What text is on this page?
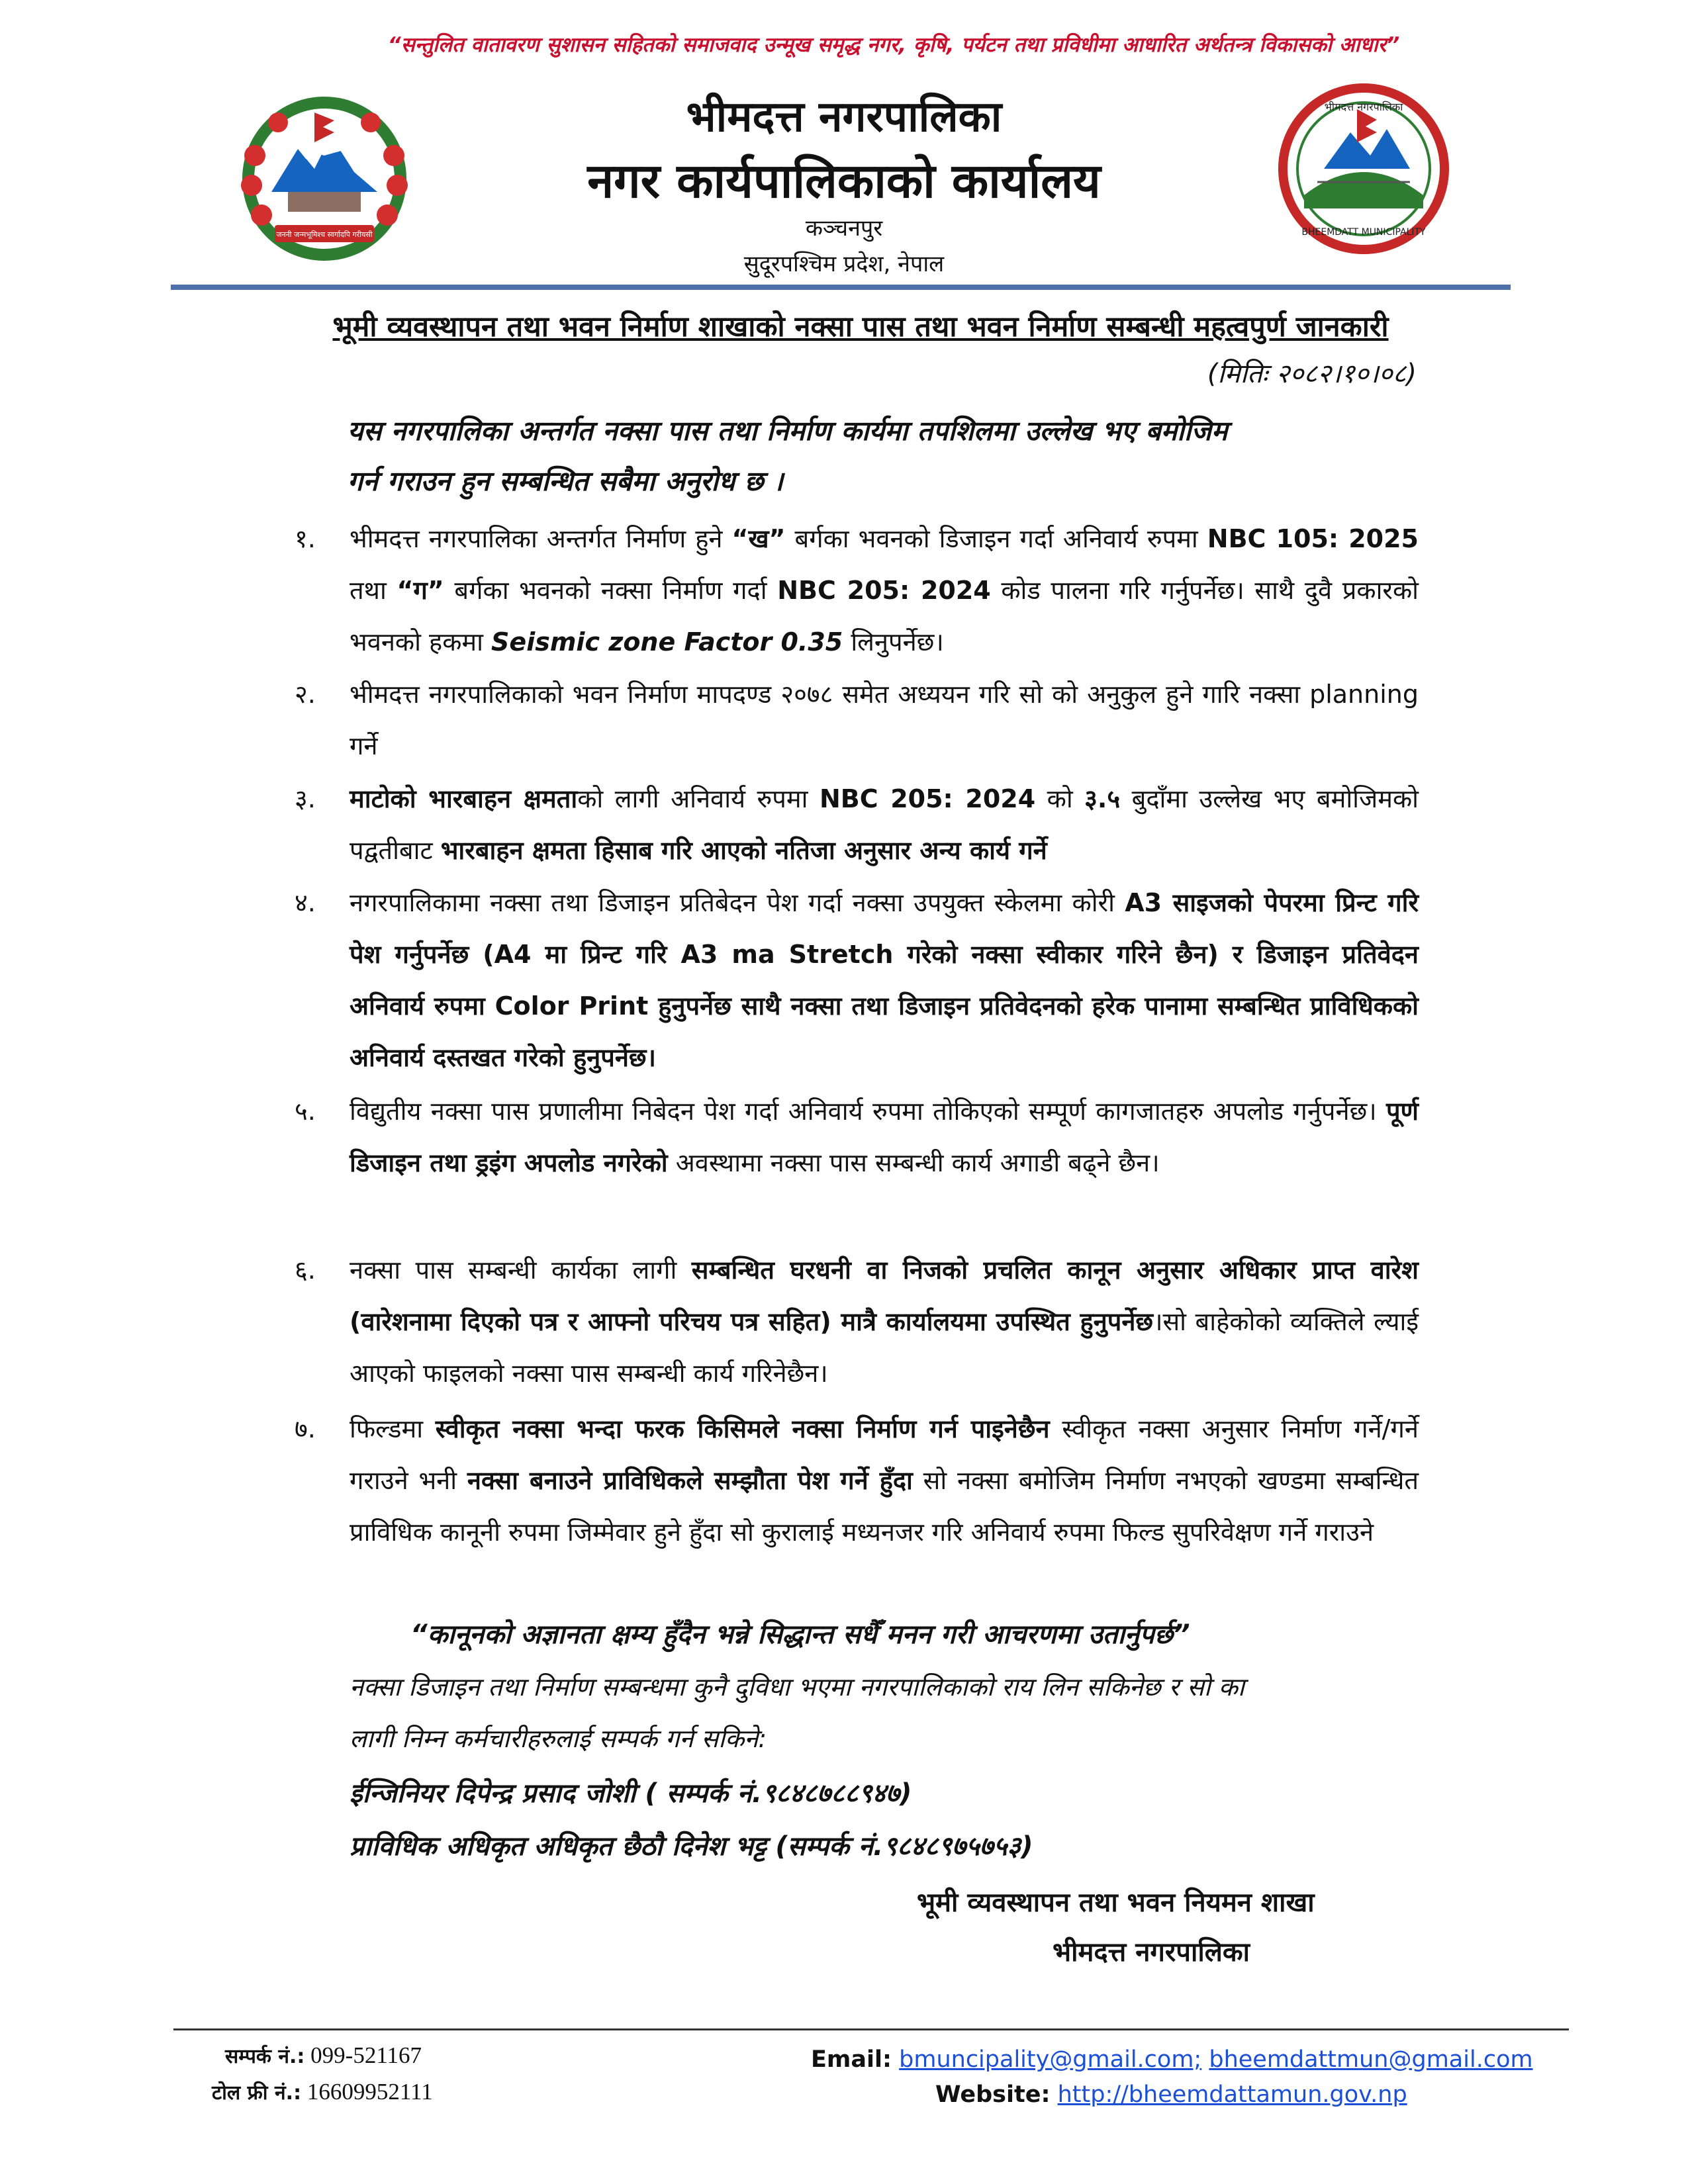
“सन्तुलित वातावरण सुशासन सहितको समाजवाद उन्मूख समृद्ध नगर, कृषि, पर्यटन तथा प्रविधीमा आधारित अर्थतन्त्र विकासको आधार”
जननी जन्मभूमिश्च स्वर्गादपि गरीयसी
भीमदत्त नगरपालिका
नगर कार्यपालिकाको कार्यालय
कञ्चनपुर
सुदूरपश्चिम प्रदेश, नेपाल
भीमदत्त नगरपालिका
BHEEMDATT MUNICIPALITY
भूमी व्यवस्थापन तथा भवन निर्माण शाखाको नक्सा पास तथा भवन निर्माण सम्बन्धी महत्वपुर्ण जानकारी
(मितिः २०८२।१०।०८)
यस नगरपालिका अन्तर्गत नक्सा पास तथा निर्माण कार्यमा तपशिलमा उल्लेख भए बमोजिम
गर्न गराउन हुन सम्बन्धित सबैमा अनुरोध छ ।
१.	भीमदत्त नगरपालिका अन्तर्गत निर्माण हुने “ख” बर्गका भवनको डिजाइन गर्दा अनिवार्य रुपमा NBC 105: 2025 तथा “ग” बर्गका भवनको नक्सा निर्माण गर्दा NBC 205: 2024 कोड पालना गरि गर्नुपर्नेछ। साथै दुवै प्रकारको भवनको हकमा Seismic zone Factor 0.35 लिनुपर्नेछ।
२.	भीमदत्त नगरपालिकाको भवन निर्माण मापदण्ड २०७८ समेत अध्ययन गरि सो को अनुकुल हुने गारि नक्सा planning गर्ने
३.	माटोको भारबाहन क्षमताको लागी अनिवार्य रुपमा NBC 205: 2024 को ३.५ बुदाँमा उल्लेख भए बमोजिमको पद्वतीबाट भारबाहन क्षमता हिसाब गरि आएको नतिजा अनुसार अन्य कार्य गर्ने
४.	नगरपालिकामा नक्सा तथा डिजाइन प्रतिबेदन पेश गर्दा नक्सा उपयुक्त स्केलमा कोरी A3 साइजको पेपरमा प्रिन्ट गरि पेश गर्नुपर्नेछ (A4 मा प्रिन्ट गरि A3 ma Stretch गरेको नक्सा स्वीकार गरिने छैन) र डिजाइन प्रतिवेदन अनिवार्य रुपमा Color Print हुनुपर्नेछ साथै नक्सा तथा डिजाइन प्रतिवेदनको हरेक पानामा सम्बन्धित प्राविधिकको अनिवार्य दस्तखत गरेको हुनुपर्नेछ।
५.	विद्युतीय नक्सा पास प्रणालीमा निबेदन पेश गर्दा अनिवार्य रुपमा तोकिएको सम्पूर्ण कागजातहरु अपलोड गर्नुपर्नेछ। पूर्ण डिजाइन तथा ड्रइंग अपलोड नगरेको अवस्थामा नक्सा पास सम्बन्धी कार्य अगाडी बढ्ने छैन।
६.	नक्सा पास सम्बन्धी कार्यका लागी सम्बन्धित घरधनी वा निजको प्रचलित कानून अनुसार अधिकार प्राप्त वारेश (वारेशनामा दिएको पत्र र आफ्नो परिचय पत्र सहित) मात्रै कार्यालयमा उपस्थित हुनुपर्नेछ।सो बाहेकोको व्यक्तिले ल्याई आएको फाइलको नक्सा पास सम्बन्धी कार्य गरिनेछैन।
७.	फिल्डमा स्वीकृत नक्सा भन्दा फरक किसिमले नक्सा निर्माण गर्न पाइनेछैन स्वीकृत नक्सा अनुसार निर्माण गर्ने/गर्ने गराउने भनी नक्सा बनाउने प्राविधिकले सम्झौता पेश गर्ने हुँदा सो नक्सा बमोजिम निर्माण नभएको खण्डमा सम्बन्धित प्राविधिक कानूनी रुपमा जिम्मेवार हुने हुँदा सो कुरालाई मध्यनजर गरि अनिवार्य रुपमा फिल्ड सुपरिवेक्षण गर्ने गराउने
“कानूनको अज्ञानता क्षम्य हुँदैन भन्ने सिद्धान्त सधैँ मनन गरी आचरणमा उतार्नुपर्छ”
नक्सा डिजाइन तथा निर्माण सम्बन्धमा कुनै दुविधा भएमा नगरपालिकाको राय लिन सकिनेछ र सो का
लागी निम्न कर्मचारीहरुलाई सम्पर्क गर्न सकिने:
ईन्जिनियर दिपेन्द्र प्रसाद जोशी ( सम्पर्क नं.९८४८७८८९४७)
प्राविधिक अधिकृत अधिकृत छैठौ दिनेश भट्ट (सम्पर्क नं.९८४८९७५७५३)
भूमी व्यवस्थापन तथा भवन नियमन शाखा
भीमदत्त नगरपालिका
सम्पर्क नं.: 099-521167
टोल फ्री नं.: 16609952111
Email: bmuncipality@gmail.com; bheemdattmun@gmail.com
Website: http://bheemdattamun.gov.np
